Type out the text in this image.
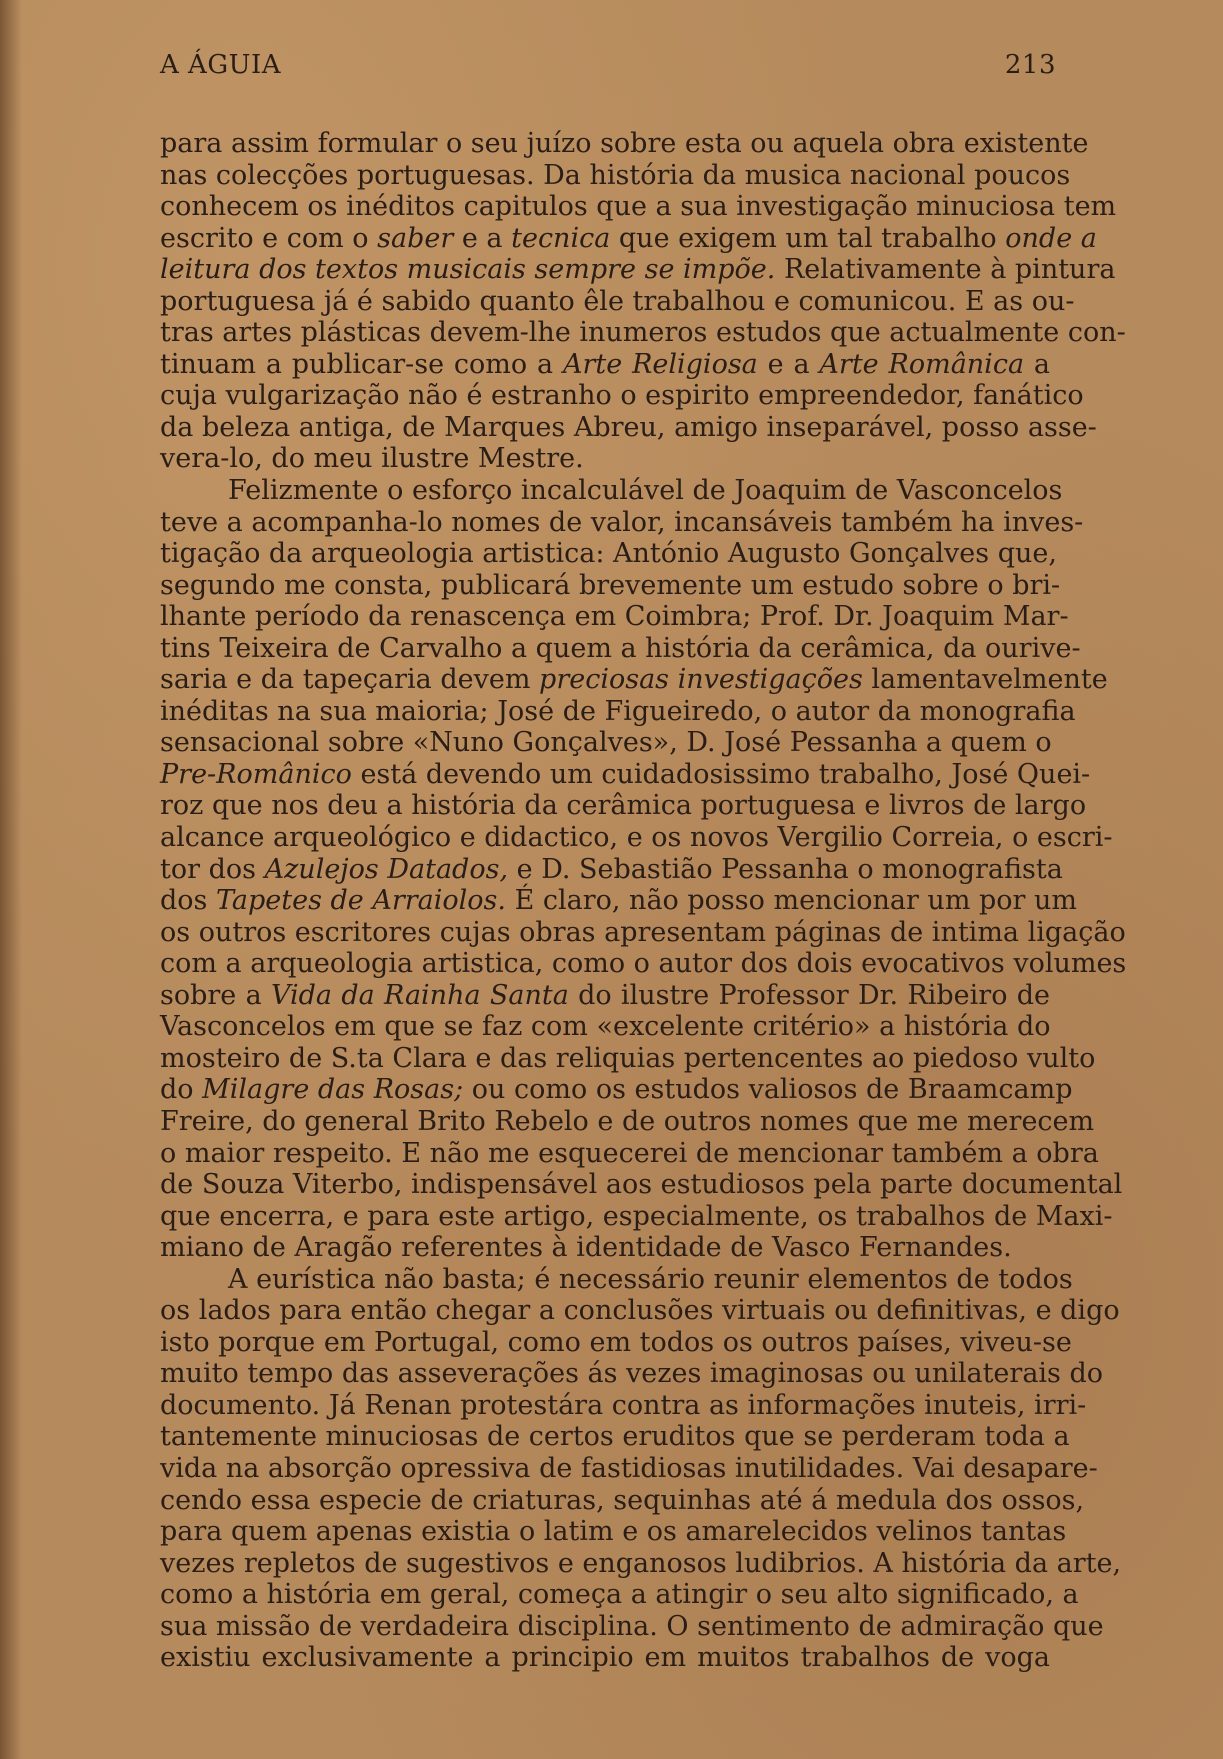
A ÁGUIA	213
para assim formular o seu juízo sobre esta ou aquela obra existente
nas colecções portuguesas. Da história da musica nacional poucos
conhecem os inéditos capitulos que a sua investigação minuciosa tem
escrito e com o saber e a tecnica que exigem um tal trabalho onde a
leitura dos textos musicais sempre se impõe. Relativamente à pintura
portuguesa já é sabido quanto êle trabalhou e comunicou. E as ou-
tras artes plásticas devem-lhe inumeros estudos que actualmente con-
tinuam a publicar-se como a Arte Religiosa e a Arte Românica a
cuja vulgarização não é estranho o espirito empreendedor, fanático
da beleza antiga, de Marques Abreu, amigo inseparável, posso asse-
vera-lo, do meu ilustre Mestre.
Felizmente o esforço incalculável de Joaquim de Vasconcelos
teve a acompanha-lo nomes de valor, incansáveis também ha inves-
tigação da arqueologia artistica: António Augusto Gonçalves que,
segundo me consta, publicará brevemente um estudo sobre o bri-
lhante período da renascença em Coimbra; Prof. Dr. Joaquim Mar-
tins Teixeira de Carvalho a quem a história da cerâmica, da ourive-
saria e da tapeçaria devem preciosas investigações lamentavelmente
inéditas na sua maioria; José de Figueiredo, o autor da monografia
sensacional sobre «Nuno Gonçalves», D. José Pessanha a quem o
Pre-Românico está devendo um cuidadosissimo trabalho, José Quei-
roz que nos deu a história da cerâmica portuguesa e livros de largo
alcance arqueológico e didactico, e os novos Vergilio Correia, o escri-
tor dos Azulejos Datados, e D. Sebastião Pessanha o monografista
dos Tapetes de Arraiolos. É claro, não posso mencionar um por um
os outros escritores cujas obras apresentam páginas de intima ligação
com a arqueologia artistica, como o autor dos dois evocativos volumes
sobre a Vida da Rainha Santa do ilustre Professor Dr. Ribeiro de
Vasconcelos em que se faz com «excelente critério» a história do
mosteiro de S.ta Clara e das reliquias pertencentes ao piedoso vulto
do Milagre das Rosas; ou como os estudos valiosos de Braamcamp
Freire, do general Brito Rebelo e de outros nomes que me merecem
o maior respeito. E não me esquecerei de mencionar também a obra
de Souza Viterbo, indispensável aos estudiosos pela parte documental
que encerra, e para este artigo, especialmente, os trabalhos de Maxi-
miano de Aragão referentes à identidade de Vasco Fernandes.
A eurística não basta; é necessário reunir elementos de todos
os lados para então chegar a conclusões virtuais ou definitivas, e digo
isto porque em Portugal, como em todos os outros países, viveu-se
muito tempo das asseverações ás vezes imaginosas ou unilaterais do
documento. Já Renan protestára contra as informações inuteis, irri-
tantemente minuciosas de certos eruditos que se perderam toda a
vida na absorção opressiva de fastidiosas inutilidades. Vai desapare-
cendo essa especie de criaturas, sequinhas até á medula dos ossos,
para quem apenas existia o latim e os amarelecidos velinos tantas
vezes repletos de sugestivos e enganosos ludibrios. A história da arte,
como a história em geral, começa a atingir o seu alto significado, a
sua missão de verdadeira disciplina. O sentimento de admiração que
existiu exclusivamente a principio em muitos trabalhos de voga
